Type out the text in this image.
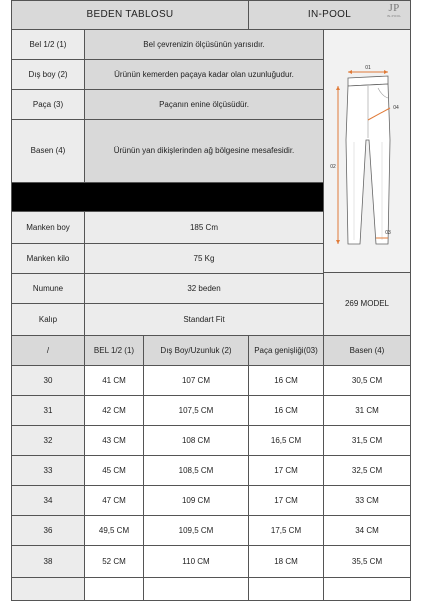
BEDEN TABLOSU	IN-POOL
JP
IN-POOL
Bel 1/2 (1)	Bel çevrenizin ölçüsünün yarısıdır.
Dış boy (2)	Ürünün kemerden paçaya kadar olan uzunluğudur.
Paça (3)	Paçanın enine ölçüsüdür.
Basen (4)	Ürünün yan dikişlerinden ağ bölgesine mesafesidir.
01
02
03
04
Manken boy	185 Cm
Manken kilo	75 Kg
Numune	32 beden
Kalıp	Standart Fit
269 MODEL
/	BEL 1/2 (1)	Dış Boy/Uzunluk (2)	Paça genişliği(03)	Basen (4)
30	41 CM	107 CM	16 CM	30,5 CM
31	42 CM	107,5 CM	16 CM	31 CM
32	43 CM	108 CM	16,5 CM	31,5 CM
33	45 CM	108,5 CM	17 CM	32,5 CM
34	47 CM	109 CM	17 CM	33 CM
36	49,5 CM	109,5 CM	17,5 CM	34 CM
38	52 CM	110 CM	18 CM	35,5 CM
